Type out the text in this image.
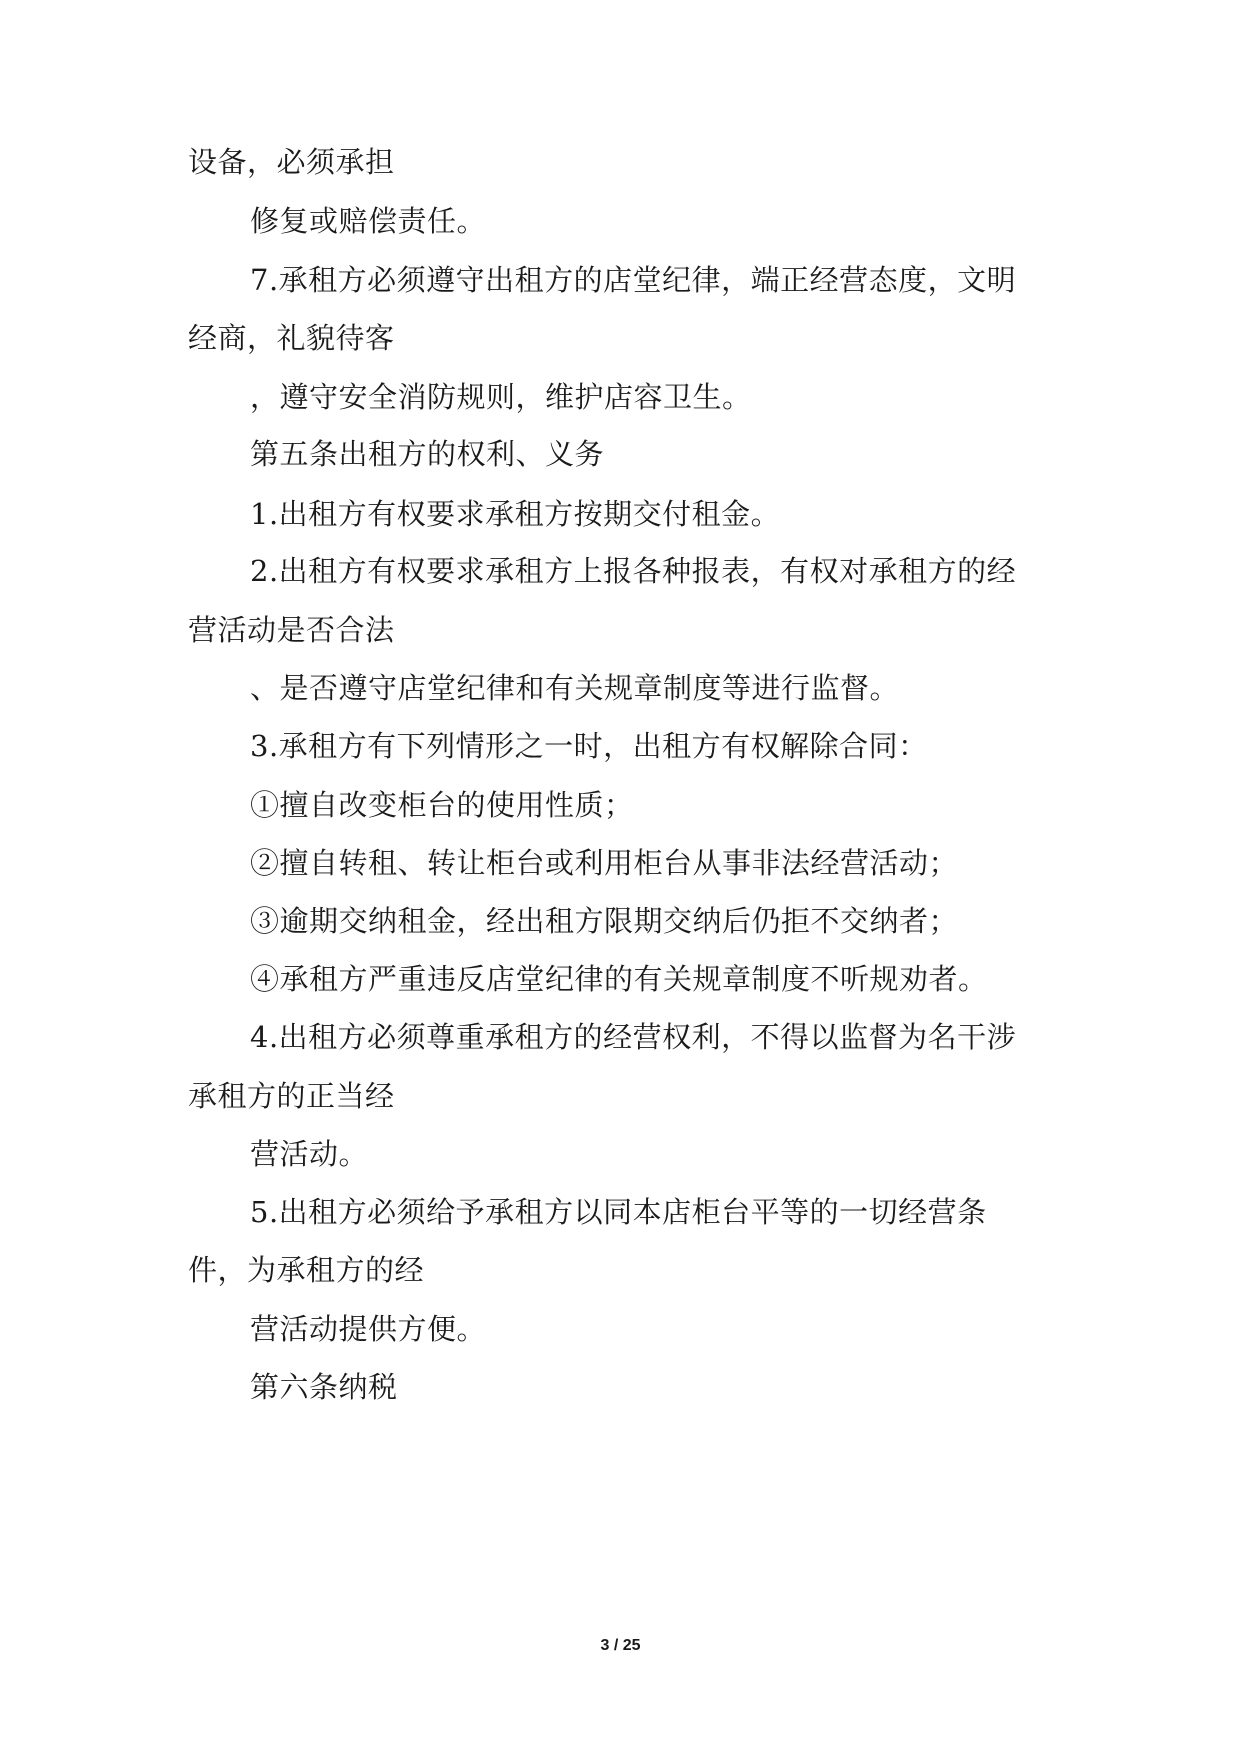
设备，必须承担
修复或赔偿责任。
7.承租方必须遵守出租方的店堂纪律，端正经营态度，文明
经商，礼貌待客
，遵守安全消防规则，维护店容卫生。
第五条出租方的权利、义务
1.出租方有权要求承租方按期交付租金。
2.出租方有权要求承租方上报各种报表，有权对承租方的经
营活动是否合法
、是否遵守店堂纪律和有关规章制度等进行监督。
3.承租方有下列情形之一时，出租方有权解除合同：
①擅自改变柜台的使用性质；
②擅自转租、转让柜台或利用柜台从事非法经营活动；
③逾期交纳租金，经出租方限期交纳后仍拒不交纳者；
④承租方严重违反店堂纪律的有关规章制度不听规劝者。
4.出租方必须尊重承租方的经营权利，不得以监督为名干涉
承租方的正当经
营活动。
5.出租方必须给予承租方以同本店柜台平等的一切经营条
件，为承租方的经
营活动提供方便。
第六条纳税
3 / 25
